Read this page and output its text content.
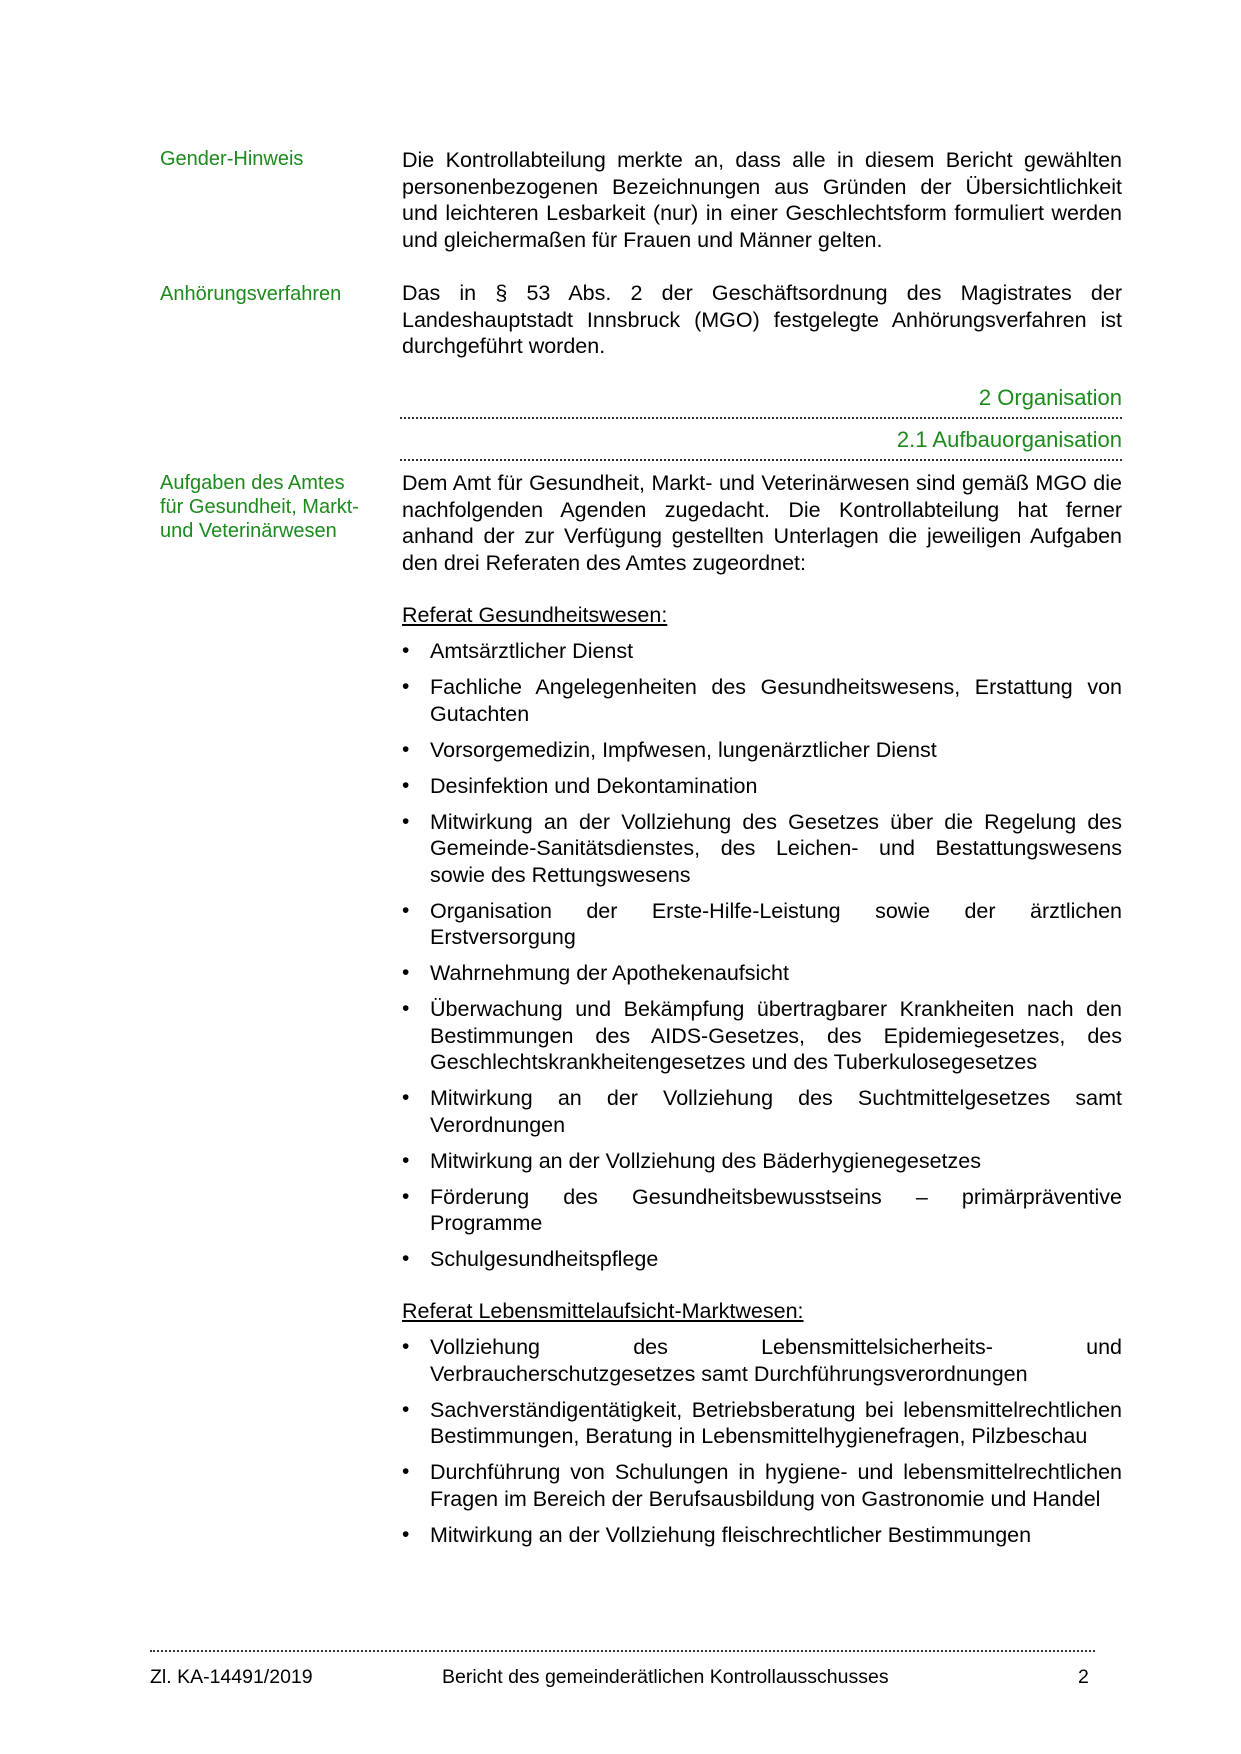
Gender-Hinweis	Die Kontrollabteilung merkte an, dass alle in diesem Bericht gewählten personenbezogenen Bezeichnungen aus Gründen der Übersichtlichkeit und leichteren Lesbarkeit (nur) in einer Geschlechtsform formuliert werden und gleichermaßen für Frauen und Männer gelten.
Anhörungsverfahren	Das in § 53 Abs. 2 der Geschäftsordnung des Magistrates der Landeshauptstadt Innsbruck (MGO) festgelegte Anhörungsverfahren ist durchgeführt worden.
2 Organisation
2.1 Aufbauorganisation
Aufgaben des Amtes für Gesundheit, Markt- und Veterinärwesen
Dem Amt für Gesundheit, Markt- und Veterinärwesen sind gemäß MGO die nachfolgenden Agenden zugedacht. Die Kontrollabteilung hat ferner anhand der zur Verfügung gestellten Unterlagen die jeweiligen Aufgaben den drei Referaten des Amtes zugeordnet:
Referat Gesundheitswesen:
• Amtsärztlicher Dienst
• Fachliche Angelegenheiten des Gesundheitswesens, Erstattung von Gutachten
• Vorsorgemedizin, Impfwesen, lungenärztlicher Dienst
• Desinfektion und Dekontamination
• Mitwirkung an der Vollziehung des Gesetzes über die Regelung des Gemeinde-Sanitätsdienstes, des Leichen- und Bestattungswesens sowie des Rettungswesens
• Organisation der Erste-Hilfe-Leistung sowie der ärztlichen Erstversorgung
• Wahrnehmung der Apothekenaufsicht
• Überwachung und Bekämpfung übertragbarer Krankheiten nach den Bestimmungen des AIDS-Gesetzes, des Epidemiegesetzes, des Geschlechtskrankheitengesetzes und des Tuberkulosegesetzes
• Mitwirkung an der Vollziehung des Suchtmittelgesetzes samt Verordnungen
• Mitwirkung an der Vollziehung des Bäderhygienegesetzes
• Förderung des Gesundheitsbewusstseins – primärpräventive Programme
• Schulgesundheitspflege
Referat Lebensmittelaufsicht-Marktwesen:
• Vollziehung des Lebensmittelsicherheits- und Verbraucherschutzgesetzes samt Durchführungsverordnungen
• Sachverständigentätigkeit, Betriebsberatung bei lebensmittelrechtlichen Bestimmungen, Beratung in Lebensmittelhygienefragen, Pilzbeschau
• Durchführung von Schulungen in hygiene- und lebensmittelrechtlichen Fragen im Bereich der Berufsausbildung von Gastronomie und Handel
• Mitwirkung an der Vollziehung fleischrechtlicher Bestimmungen
Zl. KA-14491/2019	Bericht des gemeinderätlichen Kontrollausschusses	2
